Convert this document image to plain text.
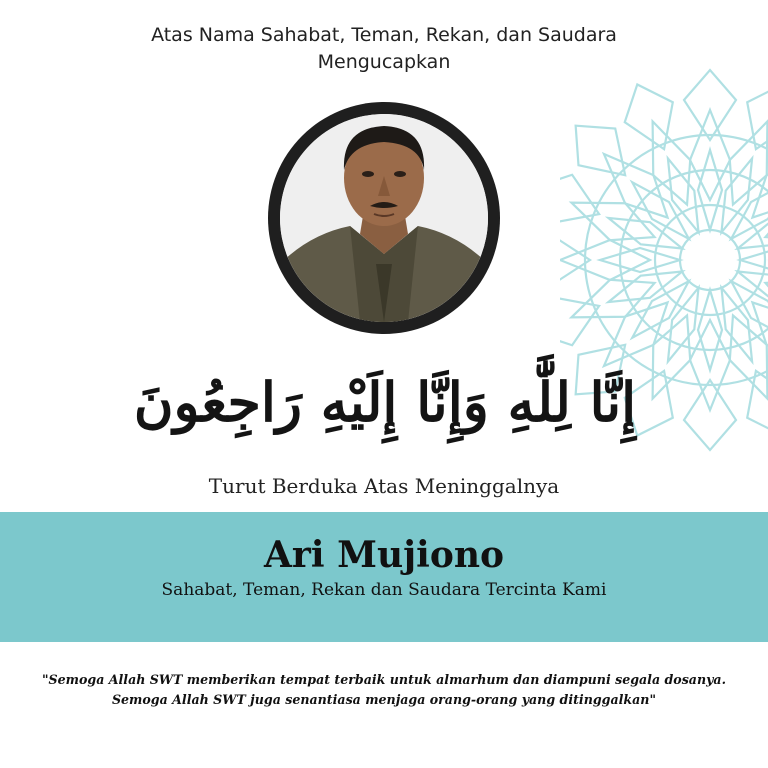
Atas Nama Sahabat, Teman, Rekan, dan Saudara
Mengucapkan
إِنَّا لِلَّٰهِ وَإِنَّا إِلَيْهِ رَاجِعُونَ
Turut Berduka Atas Meninggalnya
Ari Mujiono
Sahabat, Teman, Rekan dan Saudara Tercinta Kami
"Semoga Allah SWT memberikan tempat terbaik untuk almarhum dan diampuni segala dosanya.
Semoga Allah SWT juga senantiasa menjaga orang-orang yang ditinggalkan"
